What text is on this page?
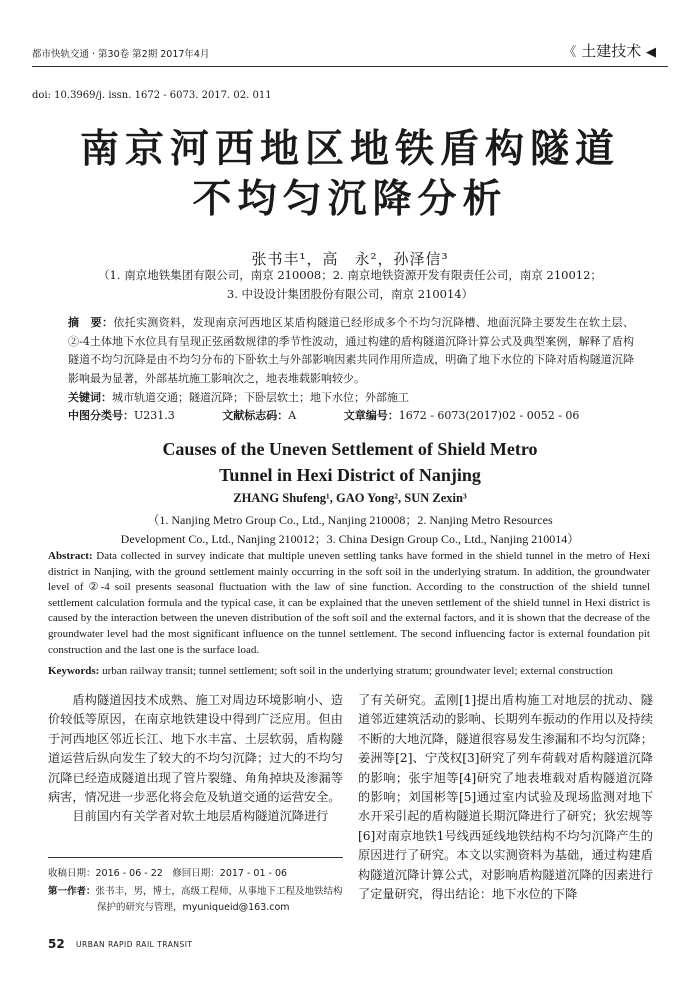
都市快轨交通 · 第30卷 第2期 2017年4月	《 土建技术 ◀
doi: 10.3969/j. issn. 1672 - 6073. 2017. 02. 011
南京河西地区地铁盾构隧道
不均匀沉降分析
张书丰¹，高　永²，孙泽信³
（1. 南京地铁集团有限公司，南京 210008；2. 南京地铁资源开发有限责任公司，南京 210012；
3. 中设设计集团股份有限公司，南京 210014）
摘　要：依托实测资料，发现南京河西地区某盾构隧道已经形成多个不均匀沉降槽、地面沉降主要发生在软土层、②-4土体地下水位具有呈现正弦函数规律的季节性波动，通过构建的盾构隧道沉降计算公式及典型案例，解释了盾构隧道不均匀沉降是由不均匀分布的下卧软土与外部影响因素共同作用所造成，明确了地下水位的下降对盾构隧道沉降影响最为显著，外部基坑施工影响次之，地表堆载影响较少。
关键词：城市轨道交通；隧道沉降；下卧层软土；地下水位；外部施工
中图分类号：U231.3	文献标志码：A	文章编号：1672 - 6073(2017)02 - 0052 - 06
Causes of the Uneven Settlement of Shield Metro
Tunnel in Hexi District of Nanjing
ZHANG Shufeng¹, GAO Yong², SUN Zexin³
（1. Nanjing Metro Group Co., Ltd., Nanjing 210008；2. Nanjing Metro Resources
Development Co., Ltd., Nanjing 210012；3. China Design Group Co., Ltd., Nanjing 210014）
Abstract: Data collected in survey indicate that multiple uneven settling tanks have formed in the shield tunnel in the metro of Hexi district in Nanjing, with the ground settlement mainly occurring in the soft soil in the underlying stratum. In addition, the groundwater level of ②-4 soil presents seasonal fluctuation with the law of sine function. According to the construction of the shield tunnel settlement calculation formula and the typical case, it can be explained that the uneven settlement of the shield tunnel in Hexi district is caused by the interaction between the uneven distribution of the soft soil and the external factors, and it is shown that the decrease of the groundwater level had the most significant influence on the tunnel settlement. The second influencing factor is external foundation pit construction and the last one is the surface load.
Keywords: urban railway transit; tunnel settlement; soft soil in the underlying stratum; groundwater level; external construction

盾构隧道因技术成熟、施工对周边环境影响小、造价较低等原因，在南京地铁建设中得到广泛应用。但由于河西地区邻近长江、地下水丰富、土层软弱，盾构隧道运营后纵向发生了较大的不均匀沉降；过大的不均匀沉降已经造成隧道出现了管片裂缝、角角掉块及渗漏等病害，情况进一步恶化将会危及轨道交通的运营安全。

目前国内有关学者对软土地层盾构隧道沉降进行

了有关研究。孟刚[1]提出盾构施工对地层的扰动、隧道邻近建筑活动的影响、长期列车振动的作用以及持续不断的大地沉降，隧道很容易发生渗漏和不均匀沉降；姜洲等[2]、宁茂权[3]研究了列车荷载对盾构隧道沉降的影响；张宇旭等[4]研究了地表堆载对盾构隧道沉降的影响；刘国彬等[5]通过室内试验及现场监测对地下水开采引起的盾构隧道长期沉降进行了研究；狄宏规等[6]对南京地铁1号线西延线地铁结构不均匀沉降产生的原因进行了研究。本文以实测资料为基础，通过构建盾构隧道沉降计算公式，对影响盾构隧道沉降的因素进行了定量研究，得出结论：地下水位的下降

收稿日期：2016 - 06 - 22　修回日期：2017 - 01 - 06
第一作者：张书丰，男，博士，高级工程师，从事地下工程及地铁结构
保护的研究与管理，myuniqueid@163.com
52 URBAN RAPID RAIL TRANSIT
